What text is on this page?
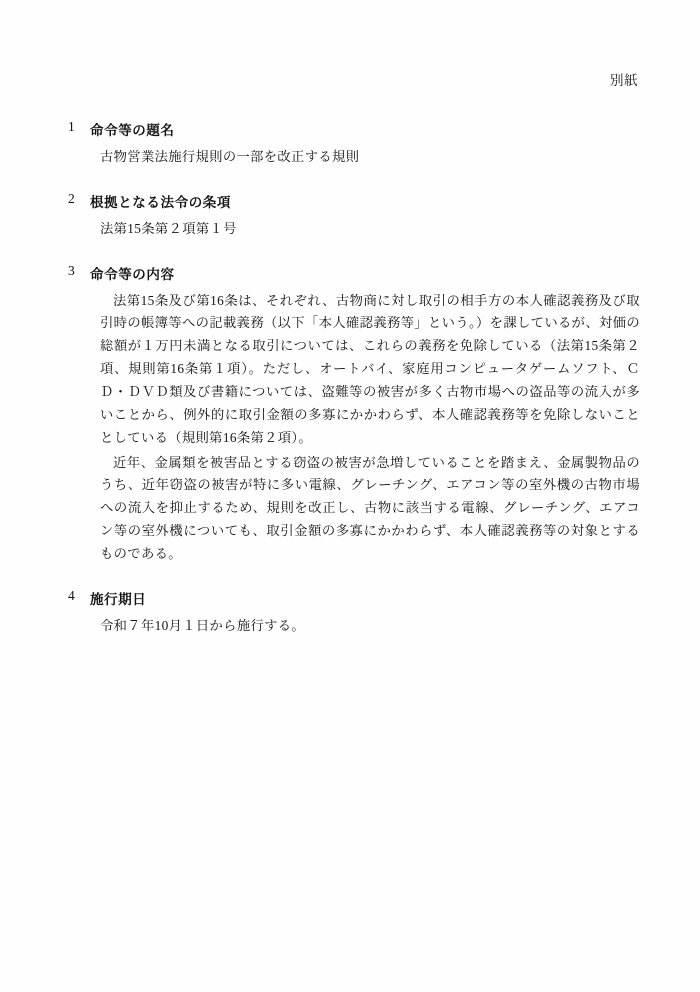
別紙
1	命令等の題名

古物営業法施行規則の一部を改正する規則

2	根拠となる法令の条項

法第15条第２項第１号

3	命令等の内容

法第15条及び第16条は、それぞれ、古物商に対し取引の相手方の本人確認義務及び取引時の帳簿等への記載義務（以下「本人確認義務等」という。）を課しているが、対価の総額が１万円未満となる取引については、これらの義務を免除している（法第15条第２項、規則第16条第１項）。ただし、オートバイ、家庭用コンピュータゲームソフト、ＣＤ・ＤＶＤ類及び書籍については、盗難等の被害が多く古物市場への盗品等の流入が多いことから、例外的に取引金額の多寡にかかわらず、本人確認義務等を免除しないこととしている（規則第16条第２項）。

近年、金属類を被害品とする窃盗の被害が急増していることを踏まえ、金属製物品のうち、近年窃盗の被害が特に多い電線、グレーチング、エアコン等の室外機の古物市場への流入を抑止するため、規則を改正し、古物に該当する電線、グレーチング、エアコン等の室外機についても、取引金額の多寡にかかわらず、本人確認義務等の対象とするものである。

4	施行期日

令和７年10月１日から施行する。
